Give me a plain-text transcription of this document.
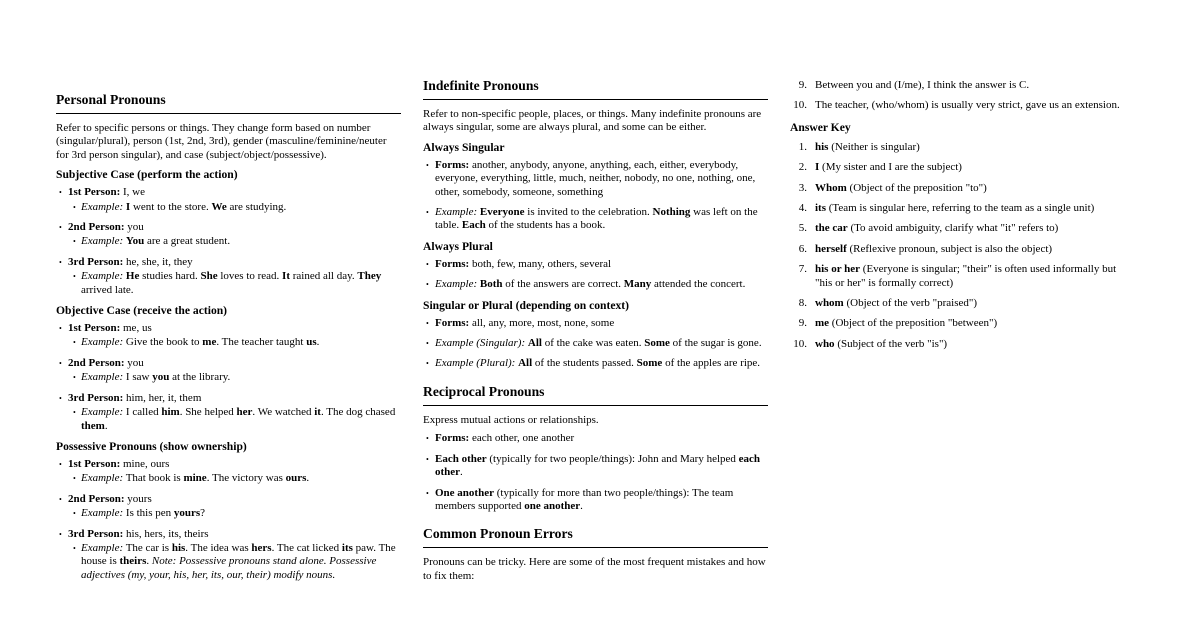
Personal Pronouns

Refer to specific persons or things. They change form based on number (singular/plural), person (1st, 2nd, 3rd), gender (masculine/feminine/neuter for 3rd person singular), and case (subject/object/possessive).

Subjective Case (perform the action)
• 1st Person: I, we
• Example: I went to the store. We are studying.
• 2nd Person: you
• Example: You are a great student.
• 3rd Person: he, she, it, they
• Example: He studies hard. She loves to read. It rained all day. They arrived late.
Objective Case (receive the action)
• 1st Person: me, us
• Example: Give the book to me. The teacher taught us.
• 2nd Person: you
• Example: I saw you at the library.
• 3rd Person: him, her, it, them
• Example: I called him. She helped her. We watched it. The dog chased them.
Possessive Pronouns (show ownership)
• 1st Person: mine, ours
• Example: That book is mine. The victory was ours.
• 2nd Person: yours
• Example: Is this pen yours?
• 3rd Person: his, hers, its, theirs
• Example: The car is his. The idea was hers. The cat licked its paw. The house is theirs. Note: Possessive pronouns stand alone. Possessive adjectives (my, your, his, her, its, our, their) modify nouns.
Indefinite Pronouns

Refer to non-specific people, places, or things. Many indefinite pronouns are always singular, some are always plural, and some can be either.

Always Singular
• Forms: another, anybody, anyone, anything, each, either, everybody, everyone, everything, little, much, neither, nobody, no one, nothing, one, other, somebody, someone, something
• Example: Everyone is invited to the celebration. Nothing was left on the table. Each of the students has a book.
Always Plural
• Forms: both, few, many, others, several
• Example: Both of the answers are correct. Many attended the concert.
Singular or Plural (depending on context)
• Forms: all, any, more, most, none, some
• Example (Singular): All of the cake was eaten. Some of the sugar is gone.
• Example (Plural): All of the students passed. Some of the apples are ripe.
Reciprocal Pronouns

Express mutual actions or relationships.

• Forms: each other, one another
• Each other (typically for two people/things): John and Mary helped each other.
• One another (typically for more than two people/things): The team members supported one another.
Common Pronoun Errors

Pronouns can be tricky. Here are some of the most frequent mistakes and how to fix them:

9. Between you and (I/me), I think the answer is C.
10. The teacher, (who/whom) is usually very strict, gave us an extension.
Answer Key
1. his (Neither is singular)
2. I (My sister and I are the subject)
3. Whom (Object of the preposition "to")
4. its (Team is singular here, referring to the team as a single unit)
5. the car (To avoid ambiguity, clarify what "it" refers to)
6. herself (Reflexive pronoun, subject is also the object)
7. his or her (Everyone is singular; "their" is often used informally but "his or her" is formally correct)
8. whom (Object of the verb "praised")
9. me (Object of the preposition "between")
10. who (Subject of the verb "is")
